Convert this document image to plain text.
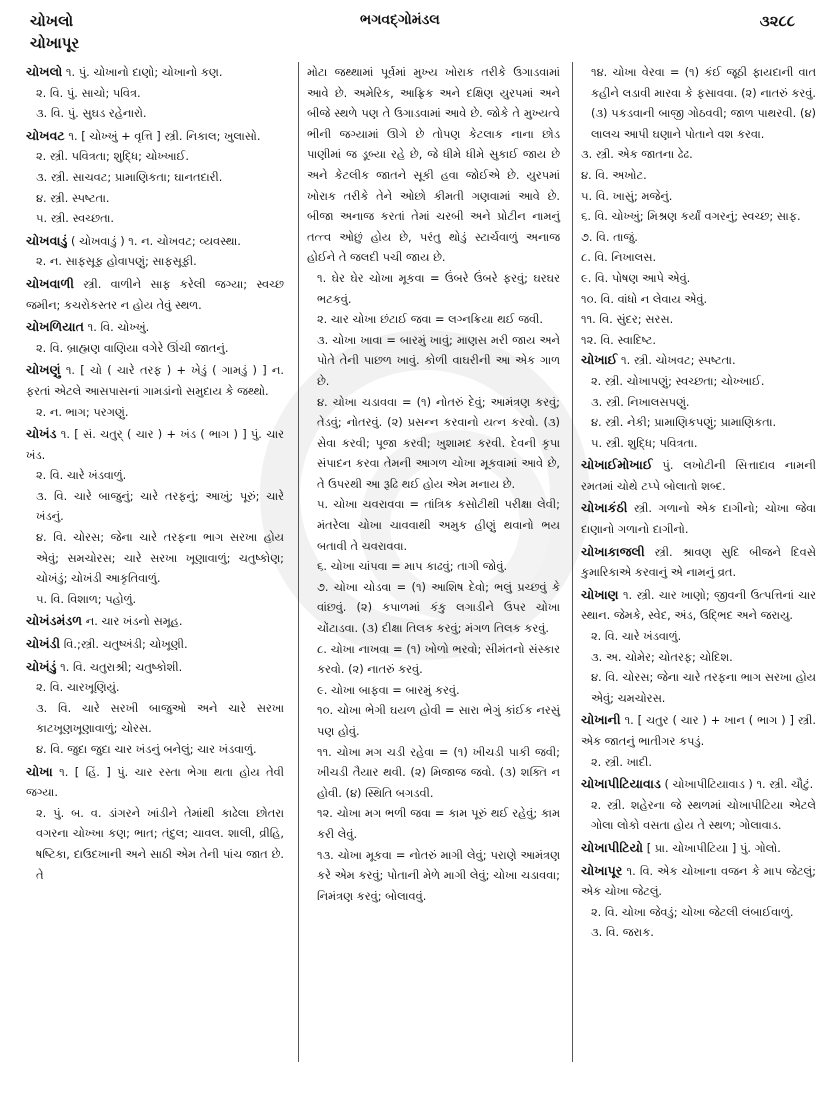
ચોખલો
ચોખાપૂર
ભગવદ્ગોમંડલ	૩૨૮૮
ચોખલો ૧. પું. ચોખાનો દાણો; ચોખાનો કણ.
૨. વિ. પું. સાચો; પવિત્ર.
૩. વિ. પું. સુઘડ રહેનારો.
ચોખવટ ૧. [ ચોખ્ખું + વૃત્તિ ] સ્ત્રી. નિકાલ; ખુલાસો.
૨. સ્ત્રી. પવિત્રતા; શુદ્ધિ; ચોખ્ખાઈ.
૩. સ્ત્રી. સાચવટ; પ્રામાણિકતા; ઘાનતદારી.
૪. સ્ત્રી. સ્પષ્ટતા.
૫. સ્ત્રી. સ્વચ્છતા.
ચોખવાડું ( ચોખવાડું ) ૧. ન. ચોખવટ; વ્યવસ્થા.
૨. ન. સાફસૂફ હોવાપણું; સાફસૂફી.
ચોખવાળી સ્ત્રી. વાળીને સાફ કરેલી જગ્યા; સ્વચ્છ જમીન; કચરોકસ્તર ન હોય તેવું સ્થળ.
ચોખળિયાત ૧. વિ. ચોખ્ખું.
૨. વિ. બ્રાહ્મણ વાણિયા વગેરે ઊંચી જાતનું.
ચોખણું ૧. [ ચો ( ચારે તરફ ) + ખેડું ( ગામડું ) ] ન. ફરતાં એટલે આસપાસનાં ગામડાંનો સમુદાય કે જથ્થો.
૨. ન. ભાગ; પરગણું.
ચોખંડ ૧. [ સં. ચતુર્ ( ચાર ) + ખંડ ( ભાગ ) ] પું. ચાર ખંડ.
૨. વિ. ચારે ખંડવાળું.
૩. વિ. ચારે બાજુનું; ચારે તરફનું; આખું; પૂરું; ચારે ખંડનું.
૪. વિ. ચોરસ; જેના ચારે તરફના ભાગ સરખા હોય એવું; સમચોરસ; ચારે સરખા ખૂણાવાળું; ચતુષ્કોણ; ચોખંડું; ચોખંડી આકૃતિવાળું.
૫. વિ. વિશાળ; પહોળું.
ચોખંડમંડળ ન. ચાર ખંડનો સમૂહ.
ચોખંડી વિ.;સ્ત્રી. ચતુષ્ખંડી; ચોખૂણી.
ચોખંડું ૧. વિ. ચતુરાશ્રી; ચતુષ્કોશી.
૨. વિ. ચારખૂણિયું.
૩. વિ. ચારે સરખી બાજુઓ અને ચારે સરખા કાટખૂણખૂણાવાળું; ચોરસ.
૪. વિ. જુદા જુદા ચાર ખંડનું બનેલું; ચાર ખંડવાળું.
ચોખા ૧. [ હિં. ] પું. ચાર રસ્તા ભેગા થતા હોય તેવી જગ્યા.
૨. પું. બ. વ. ડાંગરને ખાંડીને તેમાંથી કાઢેલા છોતરા વગરના ચોખ્ખા કણ; ભાત; તંદુલ; ચાવલ. શાલી, વ્રીહિ, ષષ્ટિકા, દાઉદખાની અને સાઠી એમ તેની પાંચ જાત છે. તે
મોટા જથ્થામાં પૂર્વમાં મુખ્ય ખોરાક તરીકે ઉગાડવામાં આવે છે. અમેરિક, આફ્રિક અને દક્ષિણ યુરપમાં અને બીજે સ્થળે પણ તે ઉગાડવામાં આવે છે. જોકે તે મુખ્યત્વે ભીની જગ્યામાં ઊગે છે તોપણ કેટલાક નાના છોડ પાણીમાં જ ડૂબ્યા રહે છે, જે ધીમે ધીમે સુકાઈ જાય છે અને કેટલીક જાતને સૂકી હવા જોઈએ છે. યુરપમાં ખોરાક તરીકે તેને ઓછો કીમતી ગણવામાં આવે છે. બીજા અનાજ કરતાં તેમાં ચરબી અને પ્રોટીન નામનું તત્ત્વ ઓછું હોય છે, પરંતુ થોડું સ્ટાર્ચવાળું અનાજ હોઈને તે જલદી પચી જાય છે.
૧. ઘેર ઘેર ચોખા મૂકવા = ઉંબરે ઉંબરે ફરવું; ઘરઘર ભટકવું.
૨. ચાર ચોખા છંટાઈ જવા = લગ્નક્રિયા થઈ જવી.
૩. ચોખા ખાવા = બારમું ખાવું; માણસ મરી જાય અને પોતે તેની પાછળ ખાવું. કોળી વાઘરીની આ એક ગાળ છે.
૪. ચોખા ચડાવવા = (૧) નોતરું દેવું; આમંત્રણ કરવું; તેડવું; નોતરવું. (૨) પ્રસન્ન કરવાનો યત્ન કરવો. (૩) સેવા કરવી; પૂજા કરવી; ખુશામદ કરવી. દેવની કૃપા સંપાદન કરવા તેમની આગળ ચોખા મૂકવામાં આવે છે, તે ઉપરથી આ રૂઢિ થઈ હોય એમ મનાય છે.
૫. ચોખા ચવરાવવા = તાંત્રિક કસોટીથી પરીક્ષા લેવી; મંતરેલા ચોખા ચાવવાથી અમુક હીણું થવાનો ભય બતાવી તે ચવરાવવા.
૬. ચોખા ચાંપવા = માપ કાઢવું; તાગી જોવું.
૭. ચોખા ચોડવા = (૧) આશિષ દેવો; ભલું પ્રચ્છવું કે વાંછવું. (૨) કપાળમાં કંકુ લગાડીને ઉપર ચોખા ચોંટાડવા. (૩) દીક્ષા તિલક કરવું; મંગળ તિલક કરવું.
૮. ચોખા નાખવા = (૧) ખોળો ભરવો; સીમંતનો સંસ્કાર કરવો. (૨) નાતરું કરવું.
૯. ચોખા બાફવા = બારમું કરવું.
૧૦. ચોખા ભેગી ઘયળ હોવી = સારા ભેગું કાંઈક નરસું પણ હોવું.
૧૧. ચોખા મગ ચડી રહેવા = (૧) ખીચડી પાકી જવી; ખીચડી તૈયાર થવી. (૨) મિજાજ જવો. (૩) શક્તિ ન હોવી. (૪) સ્થિતિ બગડવી.
૧૨. ચોખા મગ ભળી જવા = કામ પૂરું થઈ રહેવું; કામ કરી લેવું.
૧૩. ચોખા મૂકવા = નોતરું માગી લેવું; પરાણે આમંત્રણ કરે એમ કરવું; પોતાની મેળે માગી લેવું; ચોખા ચડાવવા; નિમંત્રણ કરવું; બોલાવવું.
૧૪. ચોખા વેરવા = (૧) કંઈ જૂઠી ફાયદાની વાત કહીને લડાવી મારવા કે ફસાવવા. (૨) નાતરું કરવું. (૩) પકડવાની બાજી ગોઠવવી; જાળ પાથરવી. (૪) લાલચ આપી ઘણાને પોતાને વશ કરવા.
૩. સ્ત્રી. એક જાતના ઢેઢ.
૪. વિ. અખોટ.
૫. વિ. ખાસું; મજેનું.
૬. વિ. ચોખ્ખું; મિશ્રણ કર્યાં વગરનું; સ્વચ્છ; સાફ.
૭. વિ. તાજું.
૮. વિ. નિખાલસ.
૯. વિ. પોષણ આપે એવું.
૧૦. વિ. વાંધો ન લેવાય એવું.
૧૧. વિ. સુંદર; સરસ.
૧૨. વિ. સ્વાદિષ્ટ.
ચોખાઈ ૧. સ્ત્રી. ચોખવટ; સ્પષ્ટતા.
૨. સ્ત્રી. ચોખાપણું; સ્વચ્છતા; ચોખ્ખાઈ.
૩. સ્ત્રી. નિખાલસપણું.
૪. સ્ત્રી. નેકી; પ્રામાણિકપણું; પ્રામાણિકતા.
૫. સ્ત્રી. શુદ્ધિ; પવિત્રતા.
ચોખાઈમોખાઈ પું. લખોટીની સિત્તાદાવ નામની રમતમાં ચોથે ટપ્પે બોલાતો શબ્દ.
ચોખાકંઠી સ્ત્રી. ગળાનો એક દાગીનો; ચોખા જેવા દાણાનો ગળાનો દાગીનો.
ચોખાકાજલી સ્ત્રી. શ્રાવણ સુદિ બીજને દિવસે કુમારિકાએ કરવાનું એ નામનું વ્રત.
ચોખાણ ૧. સ્ત્રી. ચાર ખાણો; જીવની ઉત્પત્તિનાં ચાર સ્થાન. જેમકે, સ્વેદ, અંડ, ઉદ્ભિદ અને જરાયુ.
૨. વિ. ચારે ખંડવાળું.
૩. અ. ચોમેર; ચોતરફ; ચોદિશ.
૪. વિ. ચોરસ; જેના ચારે તરફના ભાગ સરખા હોય એવું; ચમચોરસ.
ચોખાની ૧. [ ચતુર ( ચાર ) + ખાન ( ભાગ ) ] સ્ત્રી. એક જાતનું ભાતીગર કપડું.
૨. સ્ત્રી. ખાદી.
ચોખાપીટિયાવાડ ( ચોખાપીટિયાવાડ ) ૧. સ્ત્રી. ચૌટું.
૨. સ્ત્રી. શહેરના જે સ્થળમાં ચોખાપીટિયા એટલે ગોલા લોકો વસતા હોય તે સ્થળ; ગોલાવાડ.
ચોખાપીટિયો [ પ્રા. ચોખાપીટિયા ] પું. ગોલો.
ચોખાપૂર ૧. વિ. એક ચોખાના વજન કે માપ જેટલું; એક ચોખા જેટલું.
૨. વિ. ચોખા જેવડું; ચોખા જેટલી લંબાઈવાળું.
૩. વિ. જરાક.
